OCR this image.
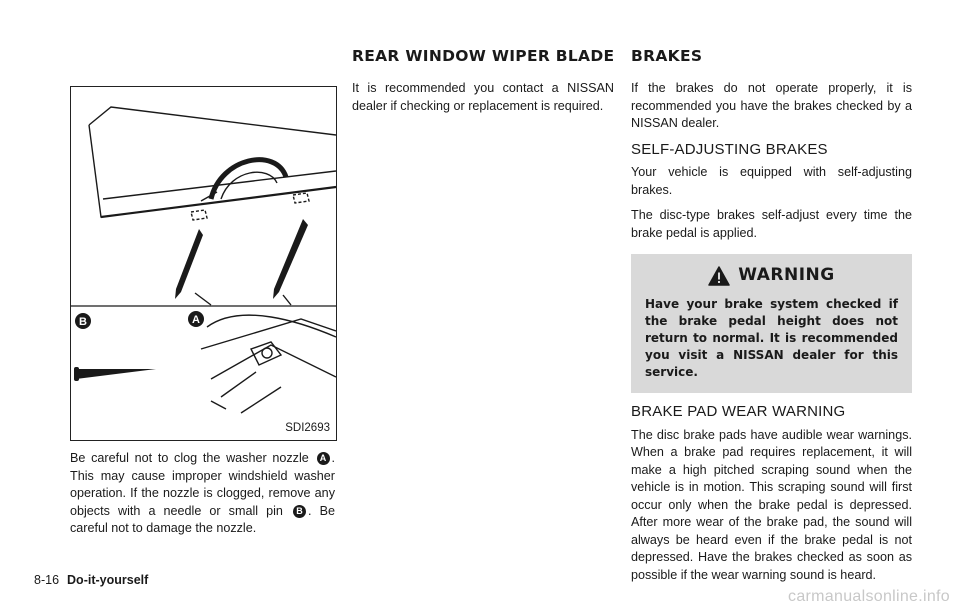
REAR WINDOW WIPER BLADE BRAKES
B	A
SDI2693

Be careful not to clog the washer nozzle A . This may cause improper windshield washer operation. If the nozzle is clogged, remove any objects with a needle or small pin B . Be careful not to damage the nozzle.

It is recommended you contact a NISSAN dealer if checking or replacement is required.

If the brakes do not operate properly, it is recommended you have the brakes checked by a NISSAN dealer.

SELF-ADJUSTING BRAKES

Your vehicle is equipped with self-adjusting brakes.

The disc-type brakes self-adjust every time the brake pedal is applied.

WARNING
Have your brake system checked if the brake pedal height does not return to normal. It is recommended you visit a NISSAN dealer for this service.
BRAKE PAD WEAR WARNING

The disc brake pads have audible wear warnings. When a brake pad requires replacement, it will make a high pitched scraping sound when the vehicle is in motion. This scraping sound will first occur only when the brake pedal is depressed. After more wear of the brake pad, the sound will always be heard even if the brake pedal is not depressed. Have the brakes checked as soon as possible if the wear warning sound is heard.

8-16 Do-it-yourself
carmanualsonline.info
